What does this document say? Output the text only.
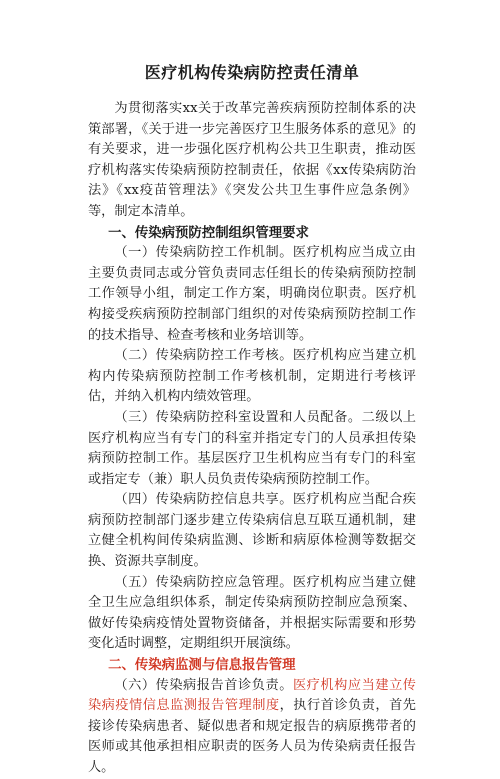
医疗机构传染病防控责任清单

为贯彻落实xx关于改革完善疾病预防控制体系的决策部署，《关于进一步完善医疗卫生服务体系的意见》的有关要求，进一步强化医疗机构公共卫生职责，推动医疗机构落实传染病预防控制责任，依据《xx传染病防治法》《xx疫苗管理法》《突发公共卫生事件应急条例》等，制定本清单。

一、传染病预防控制组织管理要求

（一）传染病防控工作机制。医疗机构应当成立由主要负责同志或分管负责同志任组长的传染病预防控制工作领导小组，制定工作方案，明确岗位职责。医疗机构接受疾病预防控制部门组织的对传染病预防控制工作的技术指导、检查考核和业务培训等。

（二）传染病防控工作考核。医疗机构应当建立机构内传染病预防控制工作考核机制，定期进行考核评估，并纳入机构内绩效管理。

（三）传染病防控科室设置和人员配备。二级以上医疗机构应当有专门的科室并指定专门的人员承担传染病预防控制工作。基层医疗卫生机构应当有专门的科室或指定专（兼）职人员负责传染病预防控制工作。

（四）传染病防控信息共享。医疗机构应当配合疾病预防控制部门逐步建立传染病信息互联互通机制，建立健全机构间传染病监测、诊断和病原体检测等数据交换、资源共享制度。

（五）传染病防控应急管理。医疗机构应当建立健全卫生应急组织体系，制定传染病预防控制应急预案、做好传染病疫情处置物资储备，并根据实际需要和形势变化适时调整，定期组织开展演练。

二、传染病监测与信息报告管理

（六）传染病报告首诊负责。医疗机构应当建立传染病疫情信息监测报告管理制度，执行首诊负责，首先接诊传染病患者、疑似患者和规定报告的病原携带者的医师或其他承担相应职责的医务人员为传染病责任报告人。
